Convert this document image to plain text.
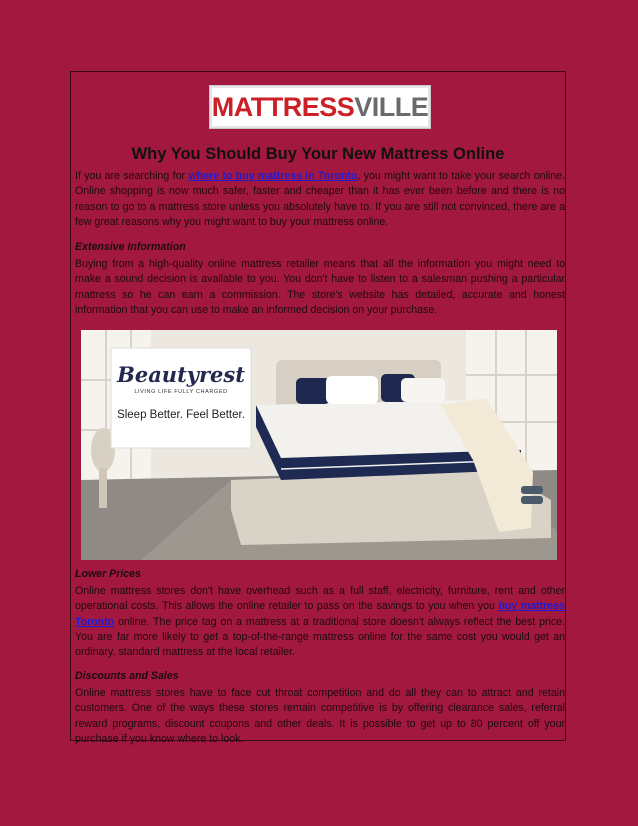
MATTRESS VILLE
Why You Should Buy Your New Mattress Online

If you are searching for where to buy mattress in Toronto, you might want to take your search online. Online shopping is now much safer, faster and cheaper than it has ever been before and there is no reason to go to a mattress store unless you absolutely have to. If you are still not convinced, there are a few great reasons why you might want to buy your mattress online.

Extensive Information

Buying from a high-quality online mattress retailer means that all the information you might need to make a sound decision is available to you. You don't have to listen to a salesman pushing a particular mattress so he can earn a commission. The store's website has detailed, accurate and honest information that you can use to make an informed decision on your purchase.

Beautyrest
LIVING LIFE FULLY CHARGED
Sleep Better. Feel Better.
Lower Prices

Online mattress stores don't have overhead such as a full staff, electricity, furniture, rent and other operational costs. This allows the online retailer to pass on the savings to you when you buy mattress Toronto online. The price tag on a mattress at a traditional store doesn't always reflect the best price. You are far more likely to get a top-of-the-range mattress online for the same cost you would get an ordinary, standard mattress at the local retailer.

Discounts and Sales

Online mattress stores have to face cut throat competition and do all they can to attract and retain customers. One of the ways these stores remain competitive is by offering clearance sales, referral reward programs, discount coupons and other deals. It is possible to get up to 80 percent off your purchase if you know where to look.
